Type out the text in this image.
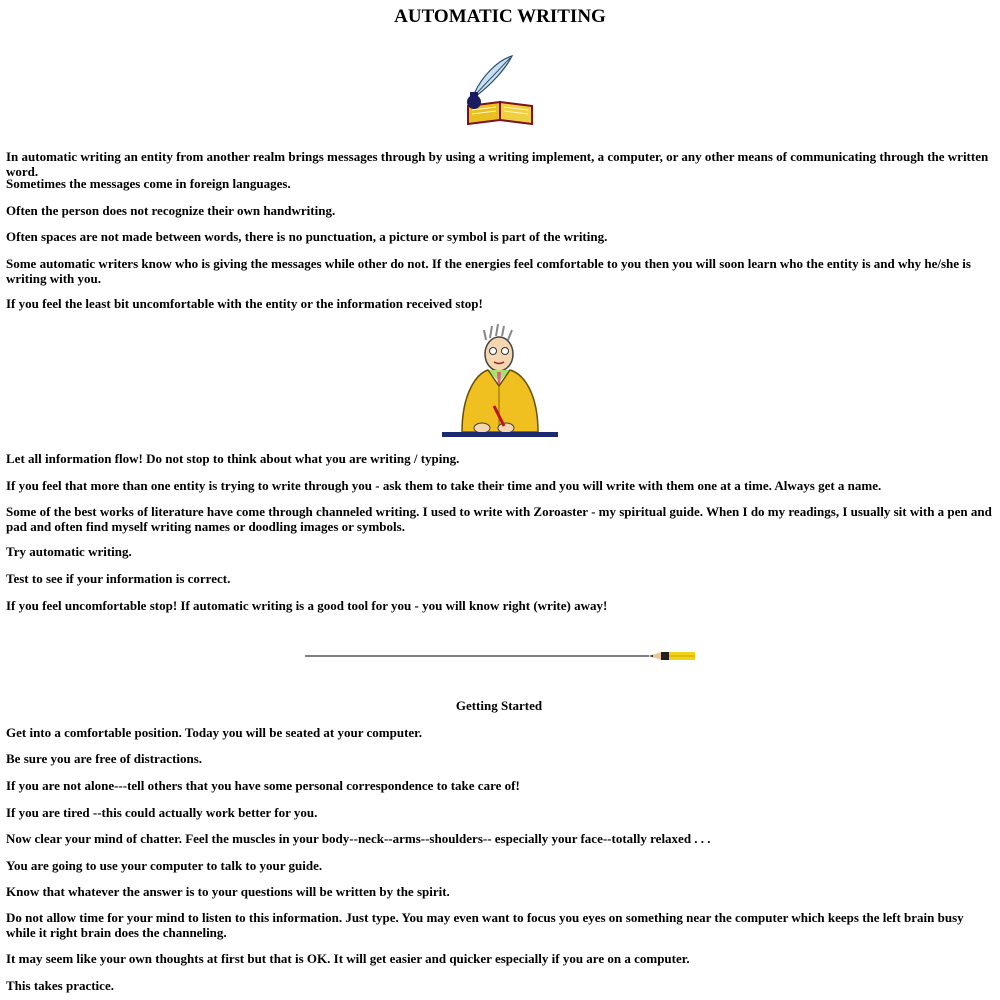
AUTOMATIC WRITING

In automatic writing an entity from another realm brings messages through by using a writing implement, a computer, or any other means of communicating through the written word.

Sometimes the messages come in foreign languages.

Often the person does not recognize their own handwriting.

Often spaces are not made between words, there is no punctuation, a picture or symbol is part of the writing.

Some automatic writers know who is giving the messages while other do not. If the energies feel comfortable to you then you will soon learn who the entity is and why he/she is writing with you.

If you feel the least bit uncomfortable with the entity or the information received stop!

Let all information flow! Do not stop to think about what you are writing / typing.

If you feel that more than one entity is trying to write through you - ask them to take their time and you will write with them one at a time. Always get a name.

Some of the best works of literature have come through channeled writing. I used to write with Zoroaster - my spiritual guide. When I do my readings, I usually sit with a pen and pad and often find myself writing names or doodling images or symbols.

Try automatic writing.

Test to see if your information is correct.

If you feel uncomfortable stop! If automatic writing is a good tool for you - you will know right (write) away!

Getting Started

Get into a comfortable position. Today you will be seated at your computer.

Be sure you are free of distractions.

If you are not alone---tell others that you have some personal correspondence to take care of!

If you are tired --this could actually work better for you.

Now clear your mind of chatter. Feel the muscles in your body--neck--arms--shoulders-- especially your face--totally relaxed . . .

You are going to use your computer to talk to your guide.

Know that whatever the answer is to your questions will be written by the spirit.

Do not allow time for your mind to listen to this information. Just type. You may even want to focus you eyes on something near the computer which keeps the left brain busy while it right brain does the channeling.

It may seem like your own thoughts at first but that is OK. It will get easier and quicker especially if you are on a computer.

This takes practice.
